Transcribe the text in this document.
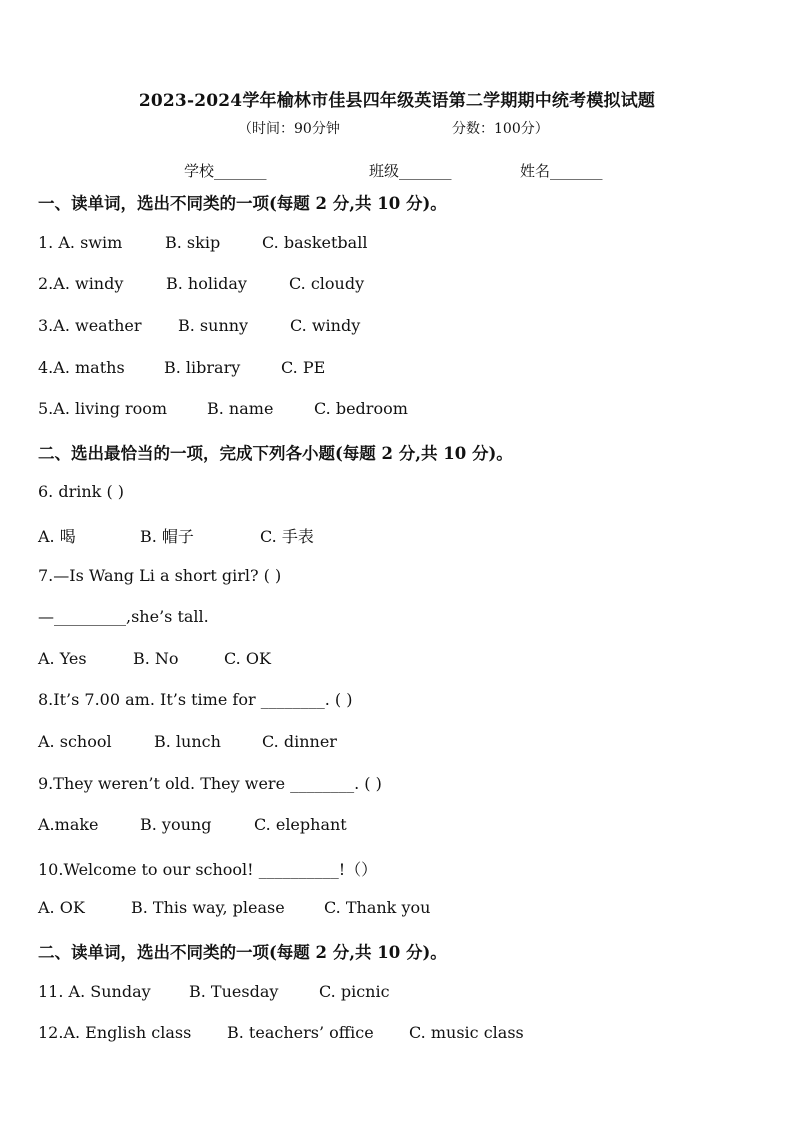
2023-2024学年榆林市佳县四年级英语第二学期期中统考模拟试题
（时间：90分钟	分数：100分）
学校_______	班级_______	姓名_______
一、读单词，选出不同类的一项(每题 2 分,共 10 分)。
1. A. swim	B. skip	C. basketball
2.A. windy	B. holiday	C. cloudy
3.A. weather B. sunny	C. windy
4.A. maths B. library	C. PE
5.A. living room B. name	C. bedroom
二、选出最恰当的一项，完成下列各小题(每题 2 分,共 10 分)。
6. drink ( )
A. 喝	B. 帽子	C. 手表
7.—Is Wang Li a short girl? ( )
—_________,she’s tall.
A. Yes	B. No	C. OK
8.It’s 7.00 am. It’s time for ________. ( )
A. school	B. lunch	C. dinner
9.They weren’t old. They were ________. ( )
A.make	B. young	C. elephant
10.Welcome to our school! __________!（）
A. OK	B. This way, please C. Thank you
二、读单词，选出不同类的一项(每题 2 分,共 10 分)。
11. A. Sunday B. Tuesday	C. picnic
12.A. English class B. teachers’ office C. music class
